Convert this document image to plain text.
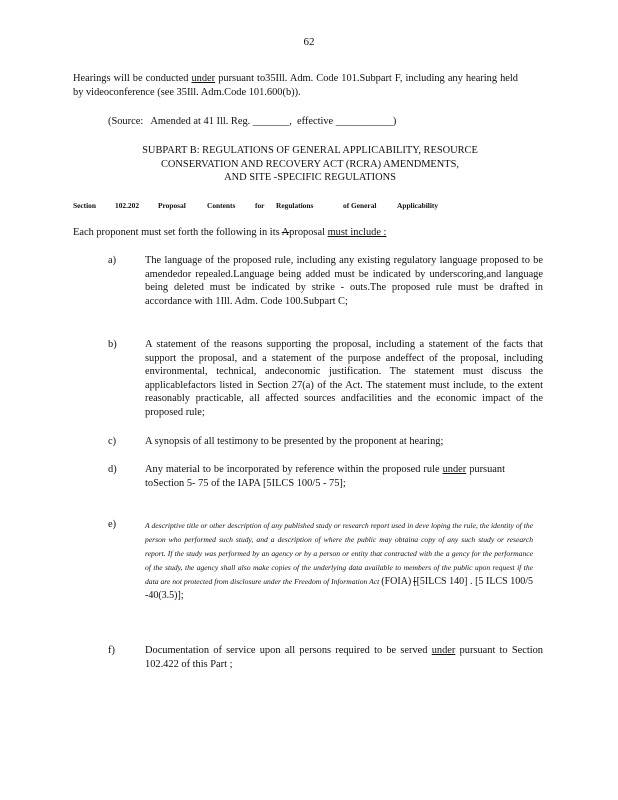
62
Hearings will be conducted under pursuant to35Ill. Adm. Code 101.Subpart F, including any hearing held by videoconference (see 35Ill. Adm.Code 101.600(b)).
(Source:   Amended at 41 Ill. Reg. _______,  effective ___________)
SUBPART B: REGULATIONS OF GENERAL APPLICABILITY, RESOURCE
CONSERVATION AND RECOVERY ACT (RCRA) AMENDMENTS,
AND SITE -SPECIFIC REGULATIONS
Section	102.202	Proposal	Contents	for Regulations	of General	Applicability
Each proponent must set forth the following in its Aproposal must include :
a)	The language of the proposed rule, including any existing regulatory language proposed to be amendedor repealed.Language being added must be indicated by underscoring,and language being deleted must be indicated by strike - outs.The proposed rule must be drafted in accordance with 1Ill. Adm. Code 100.Subpart C;
b)	A statement of the reasons supporting the proposal, including a statement of the facts that support the proposal, and a statement of the purpose andeffect of the proposal, including environmental, technical, andeconomic justification. The statement must discuss the applicablefactors listed in Section 27(a) of the Act. The statement must include, to the extent reasonably practicable, all affected sources andfacilities and the economic impact of the proposed rule;
c)	A synopsis of all testimony to be presented by the proponent at hearing;
d)	Any material to be incorporated by reference within the proposed rule under pursuant toSection 5- 75 of the IAPA [5ILCS 100/5 - 75];
e)	A descriptive title or other description of any published study or research report used in deve loping the rule, the identity of the person who performed such study, and a description of where the public may obtaina copy of any such study or research report. If the study was performed by an agency or by a person or entity that contracted with the a gency for the performance of the study, the agency shall also make copies of the underlying data available to members of the public upon request if the data are not protected from disclosure under the Freedom of Information Act (FOIA) [[5ILCS 140] . [5 ILCS 100/5 -40(3.5)];
f)	Documentation of service upon all persons required to be served under pursuant to Section 102.422 of this Part ;
